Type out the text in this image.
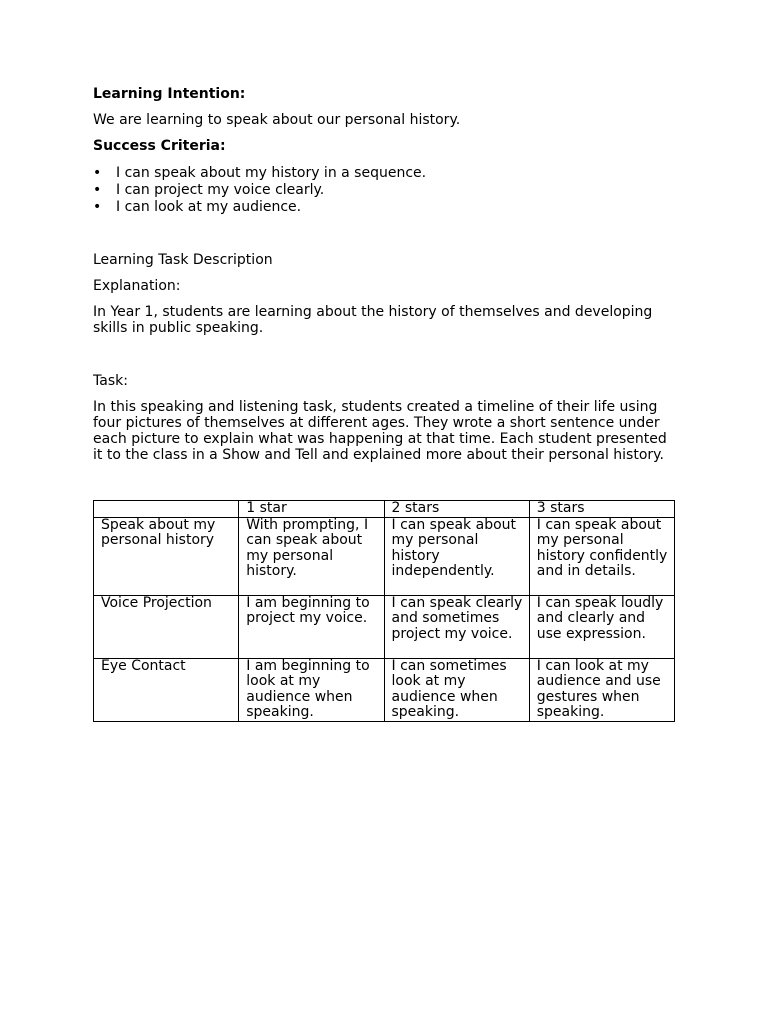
Learning Intention:

We are learning to speak about our personal history.

Success Criteria:

• I can speak about my history in a sequence.
• I can project my voice clearly.
• I can look at my audience.

Learning Task Description

Explanation:

In Year 1, students are learning about the history of themselves and developing skills in public speaking.

Task:

In this speaking and listening task, students created a timeline of their life using four pictures of themselves at different ages. They wrote a short sentence under each picture to explain what was happening at that time. Each student presented it to the class in a Show and Tell and explained more about their personal history.

	1 star	2 stars	3 stars
Speak about my personal history	With prompting, I can speak about my personal history.	I can speak about my personal history independently.	I can speak about my personal history confidently and in details.
Voice Projection	I am beginning to project my voice.	I can speak clearly and sometimes project my voice.	I can speak loudly and clearly and use expression.
Eye Contact	I am beginning to look at my audience when speaking.	I can sometimes look at my audience when speaking.	I can look at my audience and use gestures when speaking.
